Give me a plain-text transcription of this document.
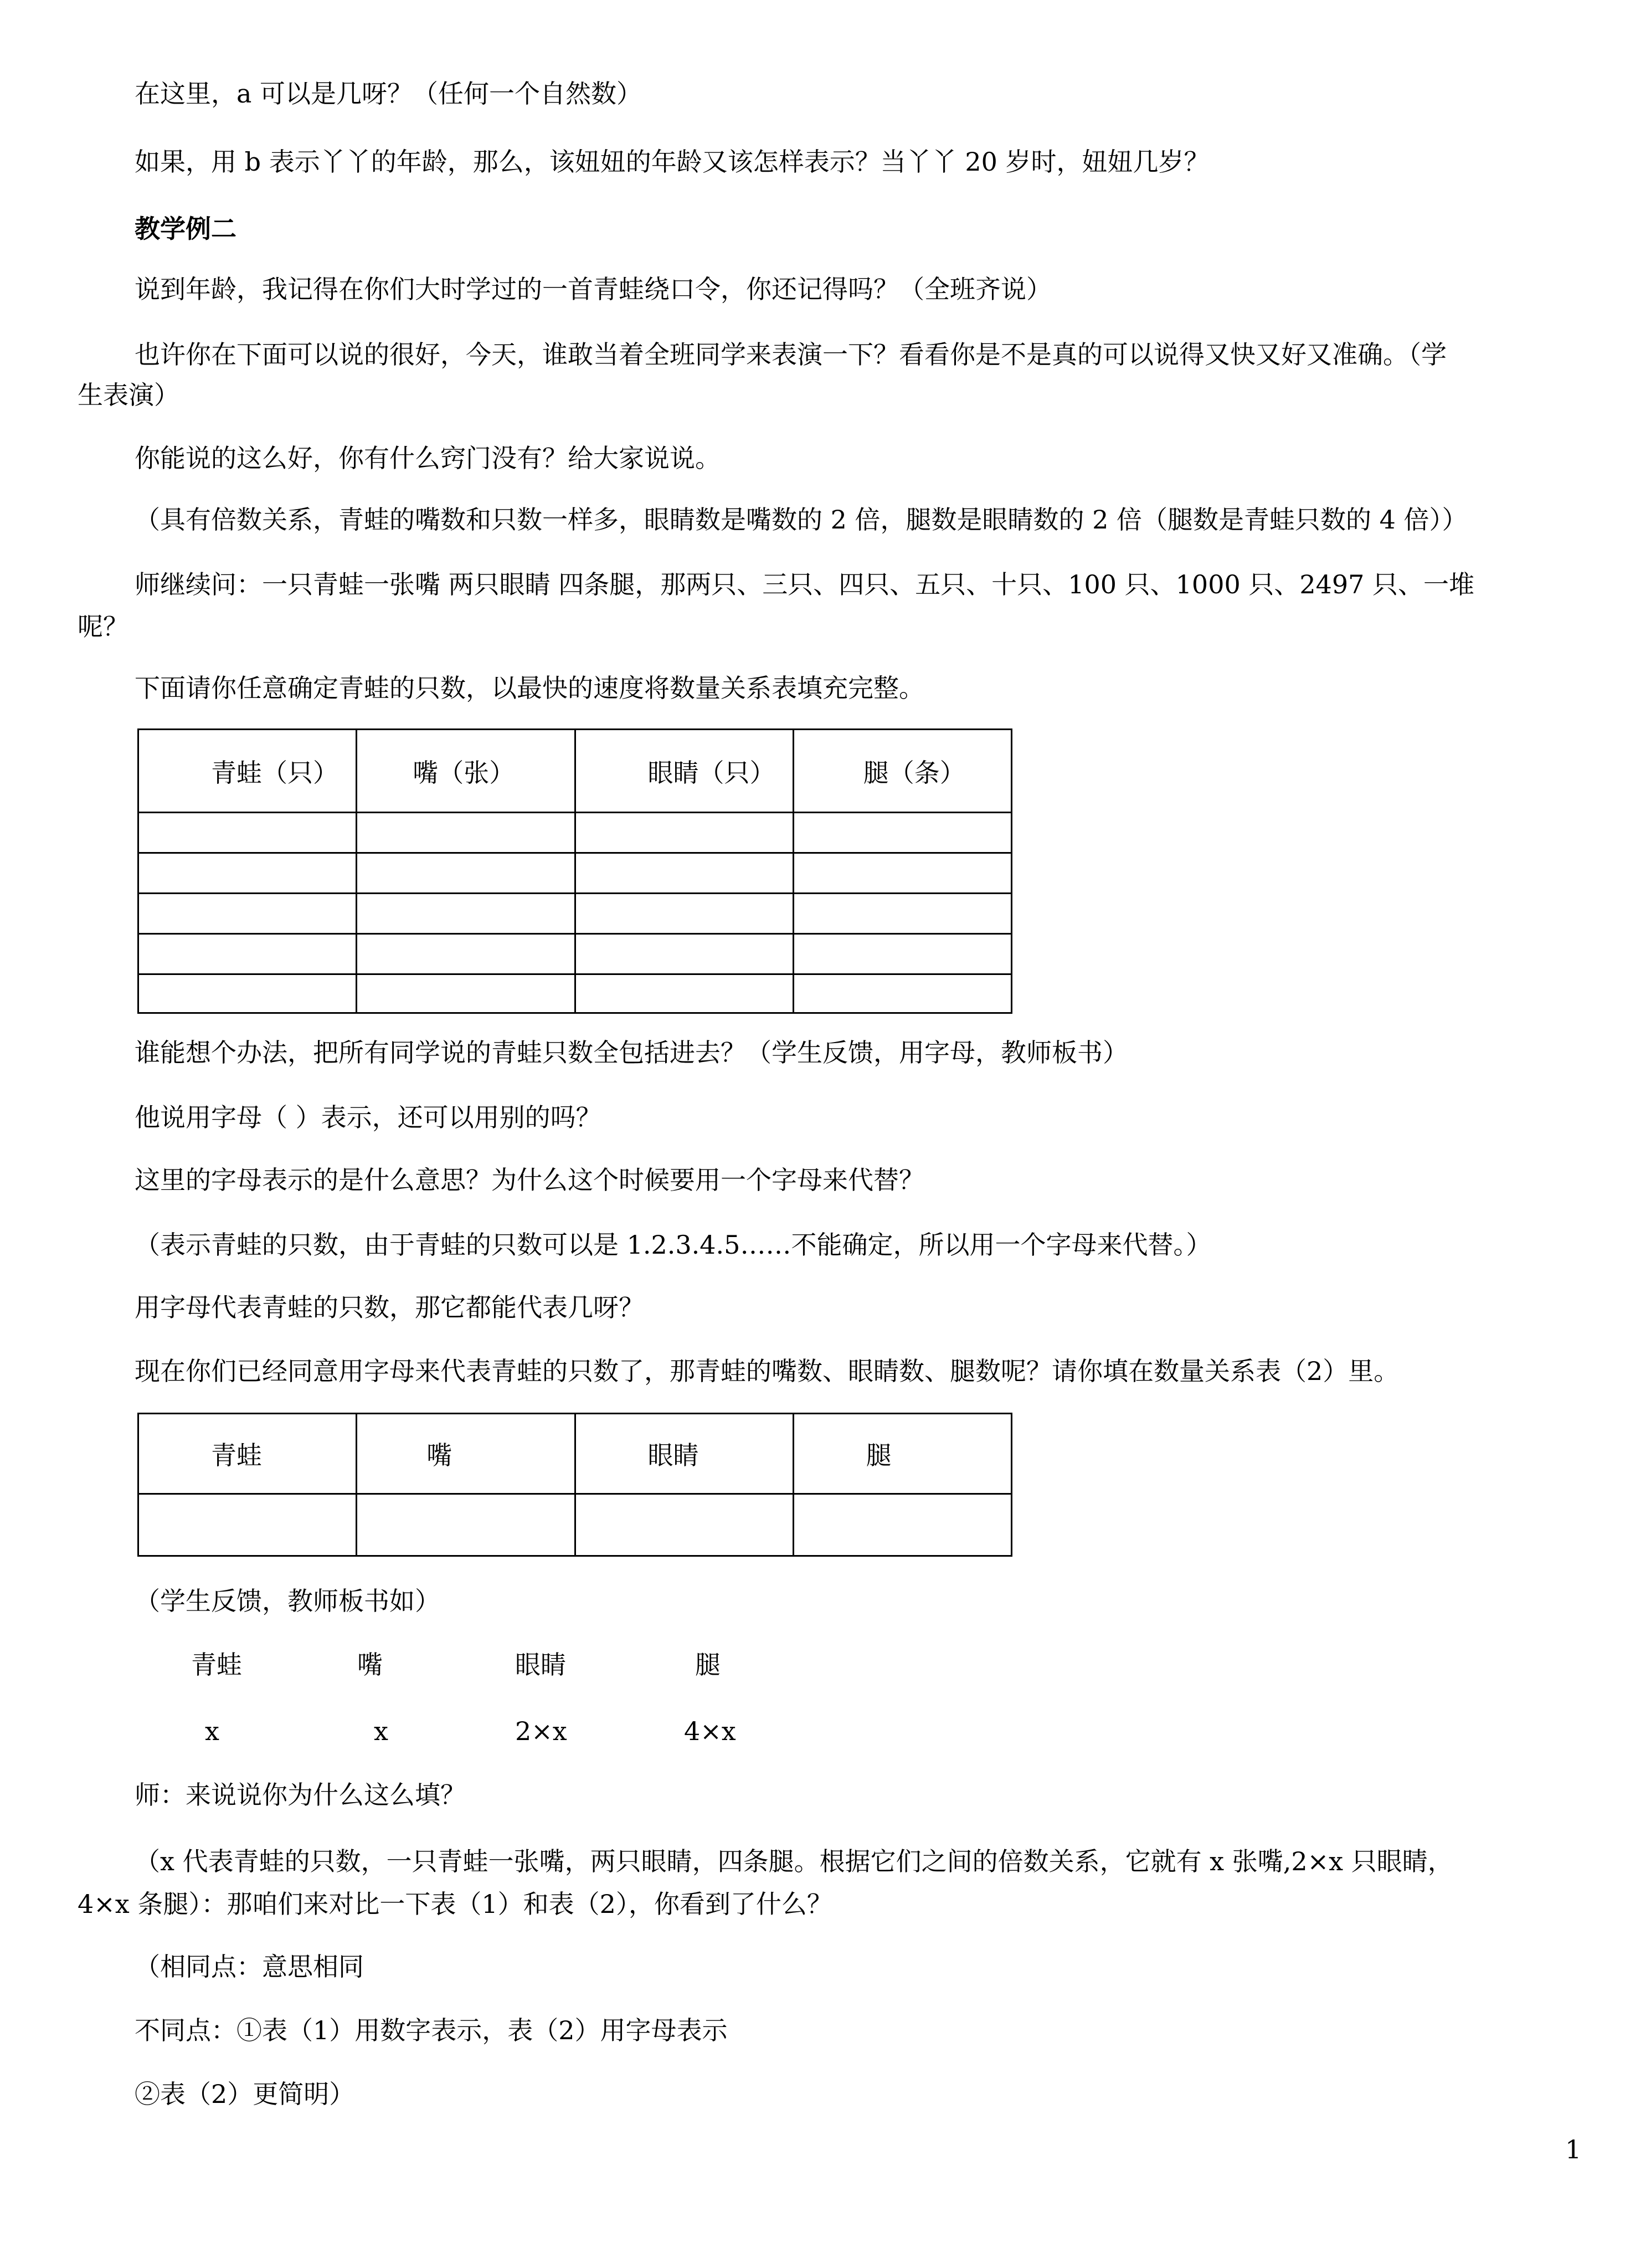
在这里，a 可以是几呀？（任何一个自然数）
如果，用 b 表示丫丫的年龄，那么，该妞妞的年龄又该怎样表示？当丫丫 20 岁时，妞妞几岁？
教学例二
说到年龄，我记得在你们大时学过的一首青蛙绕口令，你还记得吗？（全班齐说）
也许你在下面可以说的很好，今天，谁敢当着全班同学来表演一下？看看你是不是真的可以说得又快又好又准确。（学
生表演）
你能说的这么好，你有什么窍门没有？给大家说说。
（具有倍数关系，青蛙的嘴数和只数一样多，眼睛数是嘴数的 2 倍，腿数是眼睛数的 2 倍（腿数是青蛙只数的 4 倍））
师继续问：一只青蛙一张嘴 两只眼睛 四条腿，那两只、三只、四只、五只、十只、100 只、1000 只、2497 只、一堆
呢？
下面请你任意确定青蛙的只数，以最快的速度将数量关系表填充完整。
青蛙（只）	嘴（张）	眼睛（只）	腿（条）

谁能想个办法，把所有同学说的青蛙只数全包括进去？（学生反馈，用字母，教师板书）
他说用字母（ ）表示，还可以用别的吗？
这里的字母表示的是什么意思？为什么这个时候要用一个字母来代替？
（表示青蛙的只数，由于青蛙的只数可以是 1.2.3.4.5……不能确定，所以用一个字母来代替。）
用字母代表青蛙的只数，那它都能代表几呀？
现在你们已经同意用字母来代表青蛙的只数了，那青蛙的嘴数、眼睛数、腿数呢？请你填在数量关系表（2）里。
青蛙	嘴	眼睛	腿

（学生反馈，教师板书如）
青蛙	嘴	眼睛	腿
x	x	2×x	4×x
师：来说说你为什么这么填？
（x 代表青蛙的只数，一只青蛙一张嘴，两只眼睛，四条腿。根据它们之间的倍数关系，它就有 x 张嘴,2×x 只眼睛，
4×x 条腿）：那咱们来对比一下表（1）和表（2），你看到了什么？
（相同点：意思相同
不同点：①表（1）用数字表示，表（2）用字母表示
②表（2）更简明）
1
